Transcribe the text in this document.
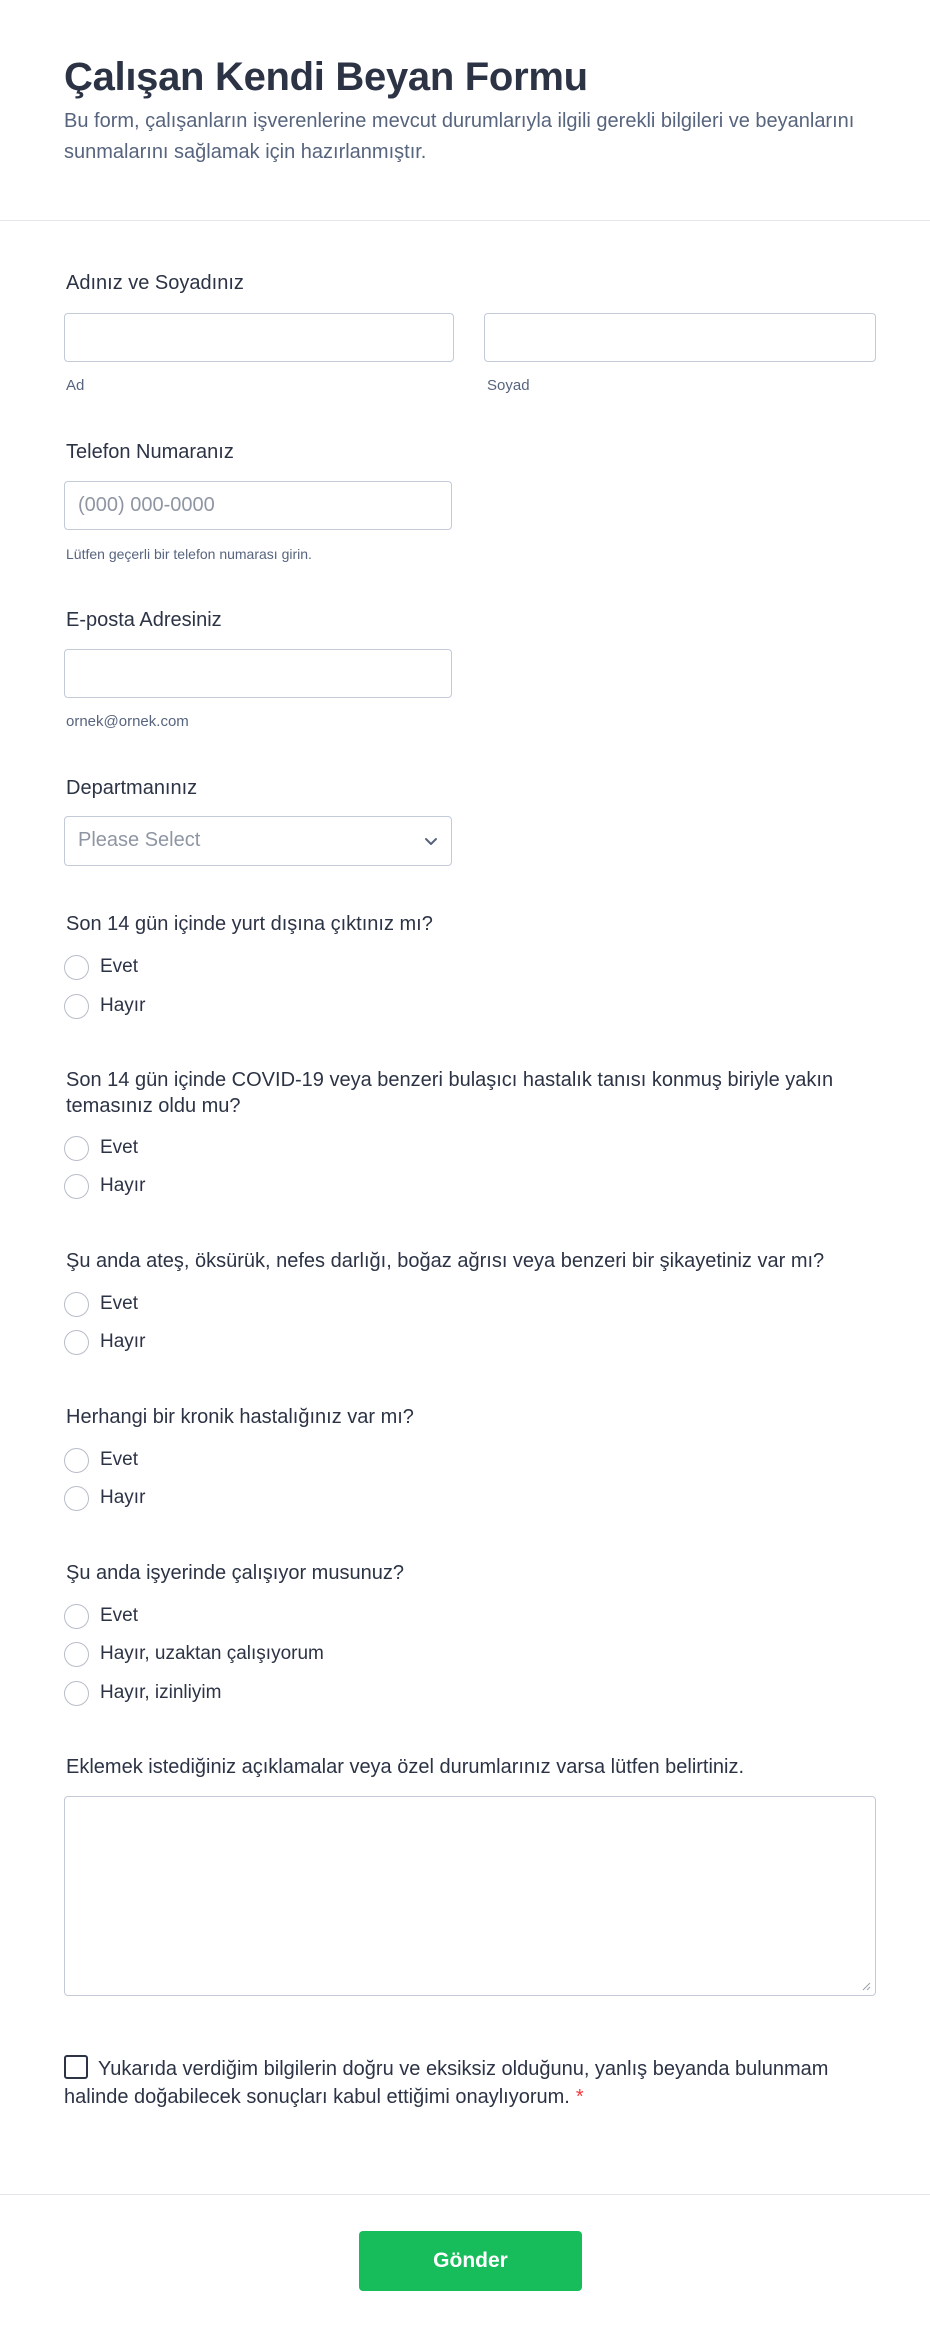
Çalışan Kendi Beyan Formu

Bu form, çalışanların işverenlerine mevcut durumlarıyla ilgili gerekli bilgileri ve beyanlarını sunmalarını sağlamak için hazırlanmıştır.

Adınız ve Soyadınız
Ad	Soyad
Telefon Numaranız
(000) 000-0000
Lütfen geçerli bir telefon numarası girin.
E-posta Adresiniz
ornek@ornek.com
Departmanınız
Please Select
Son 14 gün içinde yurt dışına çıktınız mı?
Evet
Hayır
Son 14 gün içinde COVID-19 veya benzeri bulaşıcı hastalık tanısı konmuş biriyle yakın temasınız oldu mu?
Evet
Hayır
Şu anda ateş, öksürük, nefes darlığı, boğaz ağrısı veya benzeri bir şikayetiniz var mı?
Evet
Hayır
Herhangi bir kronik hastalığınız var mı?
Evet
Hayır
Şu anda işyerinde çalışıyor musunuz?
Evet
Hayır, uzaktan çalışıyorum
Hayır, izinliyim
Eklemek istediğiniz açıklamalar veya özel durumlarınız varsa lütfen belirtiniz.
Yukarıda verdiğim bilgilerin doğru ve eksiksiz olduğunu, yanlış beyanda bulunmam halinde doğabilecek sonuçları kabul ettiğimi onaylıyorum. *
Gönder
